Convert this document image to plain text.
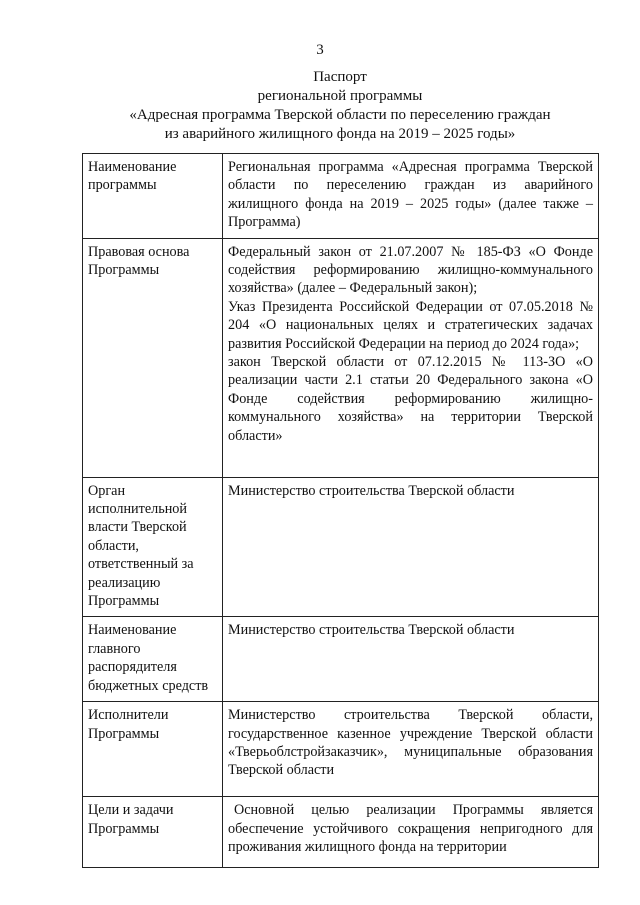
3
Паспорт
региональной программы
«Адресная программа Тверской области по переселению граждан
из аварийного жилищного фонда на 2019 – 2025 годы»
Наименование программы	Региональная программа «Адресная программа Тверской области по переселению граждан из аварийного жилищного фонда на 2019 – 2025 годы» (далее также – Программа)

Правовая основа Программы	Федеральный закон от 21.07.2007 № 185-ФЗ «О Фонде содействия реформированию жилищно-коммунального хозяйства» (далее – Федеральный закон);

Указ Президента Российской Федерации от 07.05.2018 № 204 «О национальных целях и стратегических задачах развития Российской Федерации на период до 2024 года»;

закон Тверской области от 07.12.2015 № 113-ЗО «О реализации части 2.1 статьи 20 Федерального закона «О Фонде содействия реформированию жилищно-коммунального хозяйства» на территории Тверской области»

Орган исполнительной власти Тверской области, ответственный за реализацию Программы	Министерство строительства Тверской области

Наименование главного распорядителя бюджетных средств	Министерство строительства Тверской области

Исполнители Программы	Министерство строительства Тверской области, государственное казенное учреждение Тверской области «Тверьоблстройзаказчик», муниципальные образования Тверской области

Цели и задачи Программы	Основной целью реализации Программы является обеспечение устойчивого сокращения непригодного для проживания жилищного фонда на территории
